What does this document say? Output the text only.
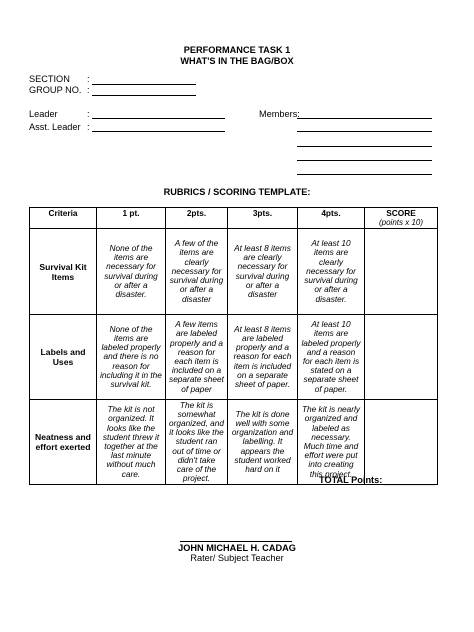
PERFORMANCE TASK 1
WHAT'S IN THE BAG/BOX
SECTION :
GROUP NO. :
Leader	:
Asst. Leader :
Members:
RUBRICS / SCORING TEMPLATE:
Criteria	1 pt.	2pts.	3pts.	4pts.	SCORE
(points x 10)

Survival Kit Items	None of the items are necessary for survival during or after a disaster.	A few of the items are clearly necessary for survival during or after a disaster	At least 8 items are clearly necessary for survival during or after a disaster	At least 10 items are clearly necessary for survival during or after a disaster.	
Labels and Uses	None of the items are labeled properly and there is no reason for including it in the survival kit.	A few items are labeled properly and a reason for each item is included on a separate sheet of paper	At least 8 items are labeled properly and a reason for each item is included on a separate sheet of paper.	At least 10 items are labeled properly and a reason for each item is stated on a separate sheet of paper.	
Neatness and effort exerted	The kit is not organized. It looks like the student threw it together at the last minute without much care.	The kit is somewhat organized, and it looks like the student ran out of time or didn't take care of the project.	The kit is done well with some organization and labelling. It appears the student worked hard on it	The kit is nearly organized and labeled as necessary. Much time and effort were put into creating this project.	
TOTAL Points: __________
JOHN MICHAEL H. CADAG
Rater/ Subject Teacher
